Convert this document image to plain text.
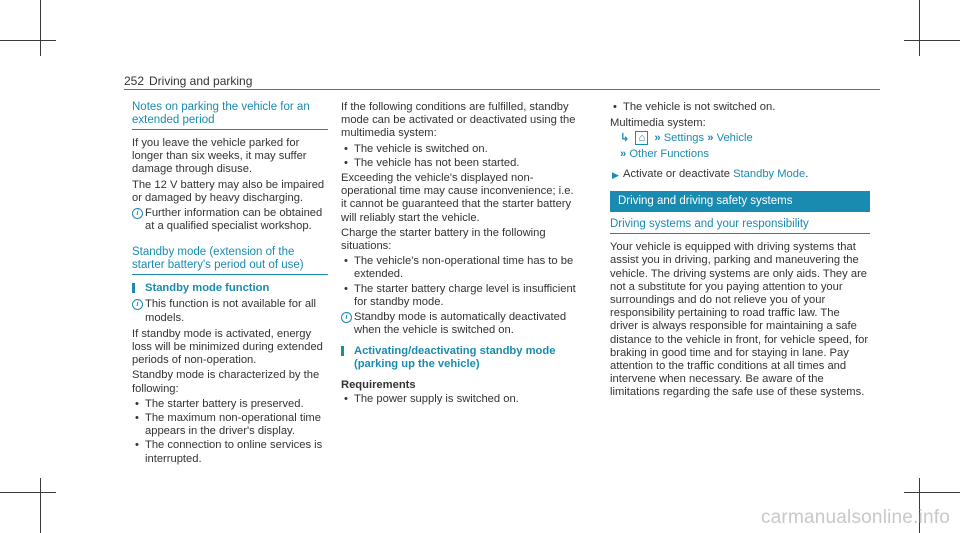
252 Driving and parking
Notes on parking the vehicle for an extended period

If you leave the vehicle parked for longer than six weeks, it may suffer damage through disuse.

The 12 V battery may also be impaired or damaged by heavy discharging.

i Further information can be obtained at a qualified specialist workshop.
Standby mode (extension of the starter battery's period out of use)
Standby mode function
i This function is not available for all models.

If standby mode is activated, energy loss will be minimized during extended periods of non-operation.

Standby mode is characterized by the following:

• The starter battery is preserved.
• The maximum non-operational time appears in the driver's display.
• The connection to online services is interrupted.

If the following conditions are fulfilled, standby mode can be activated or deactivated using the multimedia system:

• The vehicle is switched on.
• The vehicle has not been started.

Exceeding the vehicle's displayed non-operational time may cause inconvenience; i.e. it cannot be guaranteed that the starter battery will reliably start the vehicle.

Charge the starter battery in the following situations:

• The vehicle's non-operational time has to be extended.
• The starter battery charge level is insufficient for standby mode.
i Standby mode is automatically deactivated when the vehicle is switched on.
Activating/deactivating standby mode (parking up the vehicle)
Requirements
• The power supply is switched on.
• The vehicle is not switched on.

Multimedia system:

↳ ⌂ » Settings » Vehicle

» Other Functions

▶ Activate or deactivate Standby Mode.
Driving and driving safety systems
Driving systems and your responsibility

Your vehicle is equipped with driving systems that assist you in driving, parking and maneuvering the vehicle. The driving systems are only aids. They are not a substitute for you paying attention to your surroundings and do not relieve you of your responsibility pertaining to road traffic law. The driver is always responsible for maintaining a safe distance to the vehicle in front, for vehicle speed, for braking in good time and for staying in lane. Pay attention to the traffic conditions at all times and intervene when necessary. Be aware of the limitations regarding the safe use of these systems.

carmanualsonline.info
